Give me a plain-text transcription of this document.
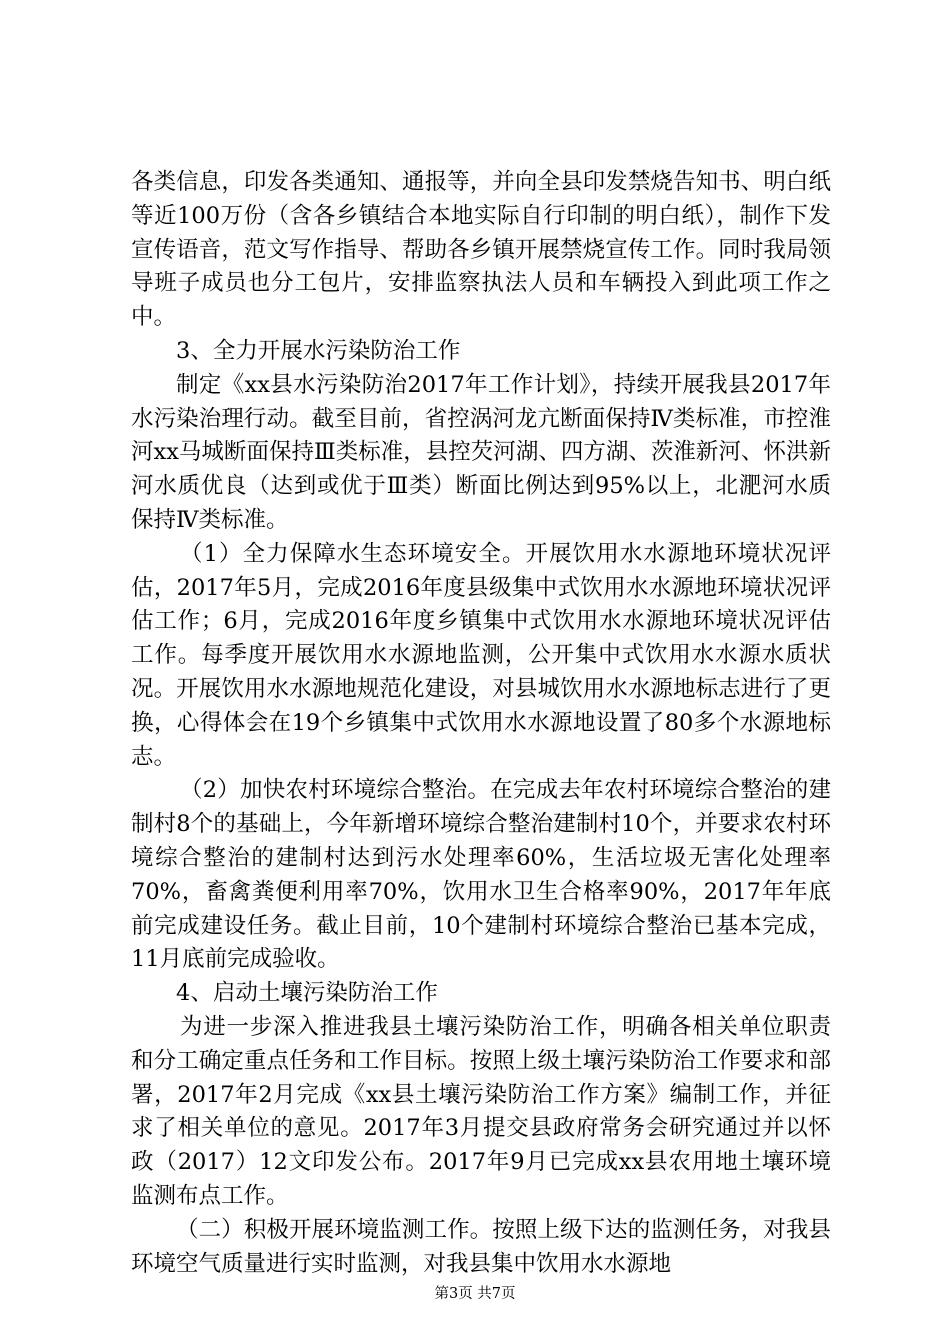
各类信息，印发各类通知、通报等，并向全县印发禁烧告知书、明白纸等近100万份（含各乡镇结合本地实际自行印制的明白纸），制作下发宣传语音，范文写作指导、帮助各乡镇开展禁烧宣传工作。同时我局领导班子成员也分工包片，安排监察执法人员和车辆投入到此项工作之中。

3、全力开展水污染防治工作

制定《xx县水污染防治2017年工作计划》，持续开展我县2017年水污染治理行动。截至目前，省控涡河龙亢断面保持Ⅳ类标准，市控淮河xx马城断面保持Ⅲ类标准，县控芡河湖、四方湖、茨淮新河、怀洪新河水质优良（达到或优于Ⅲ类）断面比例达到95%以上，北淝河水质保持Ⅳ类标准。

（1）全力保障水生态环境安全。开展饮用水水源地环境状况评估，2017年5月，完成2016年度县级集中式饮用水水源地环境状况评估工作；6月，完成2016年度乡镇集中式饮用水水源地环境状况评估工作。每季度开展饮用水水源地监测，公开集中式饮用水水源水质状况。开展饮用水水源地规范化建设，对县城饮用水水源地标志进行了更换，心得体会在19个乡镇集中式饮用水水源地设置了80多个水源地标志。

（2）加快农村环境综合整治。在完成去年农村环境综合整治的建制村8个的基础上，今年新增环境综合整治建制村10个，并要求农村环境综合整治的建制村达到污水处理率60%，生活垃圾无害化处理率70%，畜禽粪便利用率70%，饮用水卫生合格率90%，2017年年底前完成建设任务。截止目前，10个建制村环境综合整治已基本完成，11月底前完成验收。

4、启动土壤污染防治工作

为进一步深入推进我县土壤污染防治工作，明确各相关单位职责和分工确定重点任务和工作目标。按照上级土壤污染防治工作要求和部署，2017年2月完成《xx县土壤污染防治工作方案》编制工作，并征求了相关单位的意见。2017年3月提交县政府常务会研究通过并以怀政（2017）12文印发公布。2017年9月已完成xx县农用地土壤环境监测布点工作。

（二）积极开展环境监测工作。按照上级下达的监测任务，对我县环境空气质量进行实时监测，对我县集中饮用水水源地

第3页 共7页
